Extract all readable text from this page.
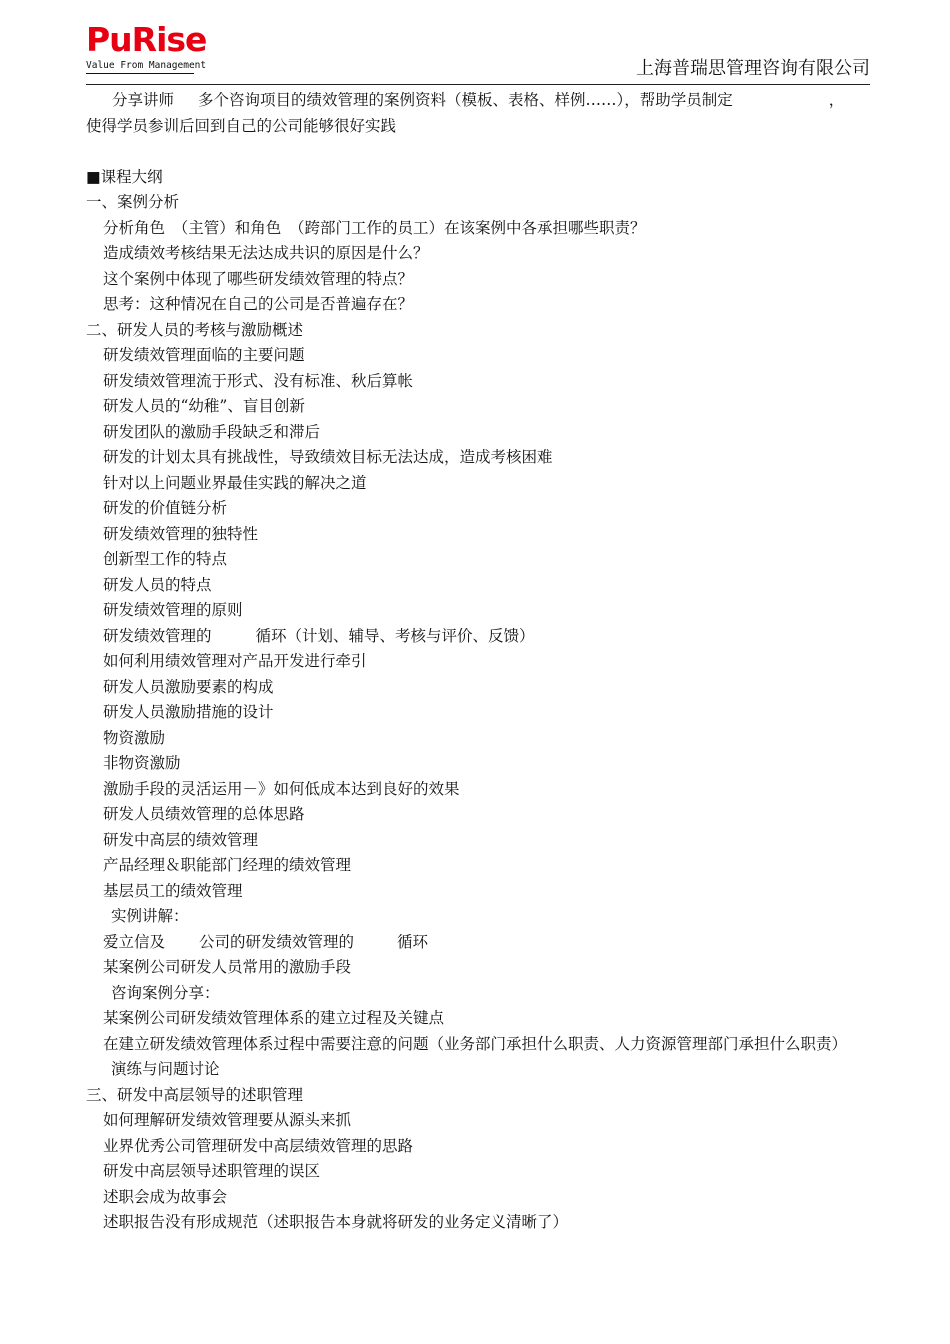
PuRise
Value From Management	上海普瑞思管理咨询有限公司
分享讲师 多个咨询项目的绩效管理的案例资料（模板、表格、样例……），帮助学员制定	，
使得学员参训后回到自己的公司能够很好实践
■课程大纲
一、案例分析
分析角色　（主管）和角色　（跨部门工作的员工）在该案例中各承担哪些职责？
造成绩效考核结果无法达成共识的原因是什么？
这个案例中体现了哪些研发绩效管理的特点？
思考：这种情况在自己的公司是否普遍存在？
二、研发人员的考核与激励概述
研发绩效管理面临的主要问题
研发绩效管理流于形式、没有标准、秋后算帐
研发人员的“幼稚”、盲目创新
研发团队的激励手段缺乏和滞后
研发的计划太具有挑战性，导致绩效目标无法达成，造成考核困难
针对以上问题业界最佳实践的解决之道
研发的价值链分析
研发绩效管理的独特性
创新型工作的特点
研发人员的特点
研发绩效管理的原则
研发绩效管理的	循环（计划、辅导、考核与评价、反馈）
如何利用绩效管理对产品开发进行牵引
研发人员激励要素的构成
研发人员激励措施的设计
物资激励
非物资激励
激励手段的灵活运用－》如何低成本达到良好的效果
研发人员绩效管理的总体思路
研发中高层的绩效管理
产品经理＆职能部门经理的绩效管理
基层员工的绩效管理
实例讲解：
爱立信及 公司的研发绩效管理的	循环
某案例公司研发人员常用的激励手段
咨询案例分享：
某案例公司研发绩效管理体系的建立过程及关键点
在建立研发绩效管理体系过程中需要注意的问题（业务部门承担什么职责、人力资源管理部门承担什么职责）
演练与问题讨论
三、研发中高层领导的述职管理
如何理解研发绩效管理要从源头来抓
业界优秀公司管理研发中高层绩效管理的思路
研发中高层领导述职管理的误区
述职会成为故事会
述职报告没有形成规范（述职报告本身就将研发的业务定义清晰了）
